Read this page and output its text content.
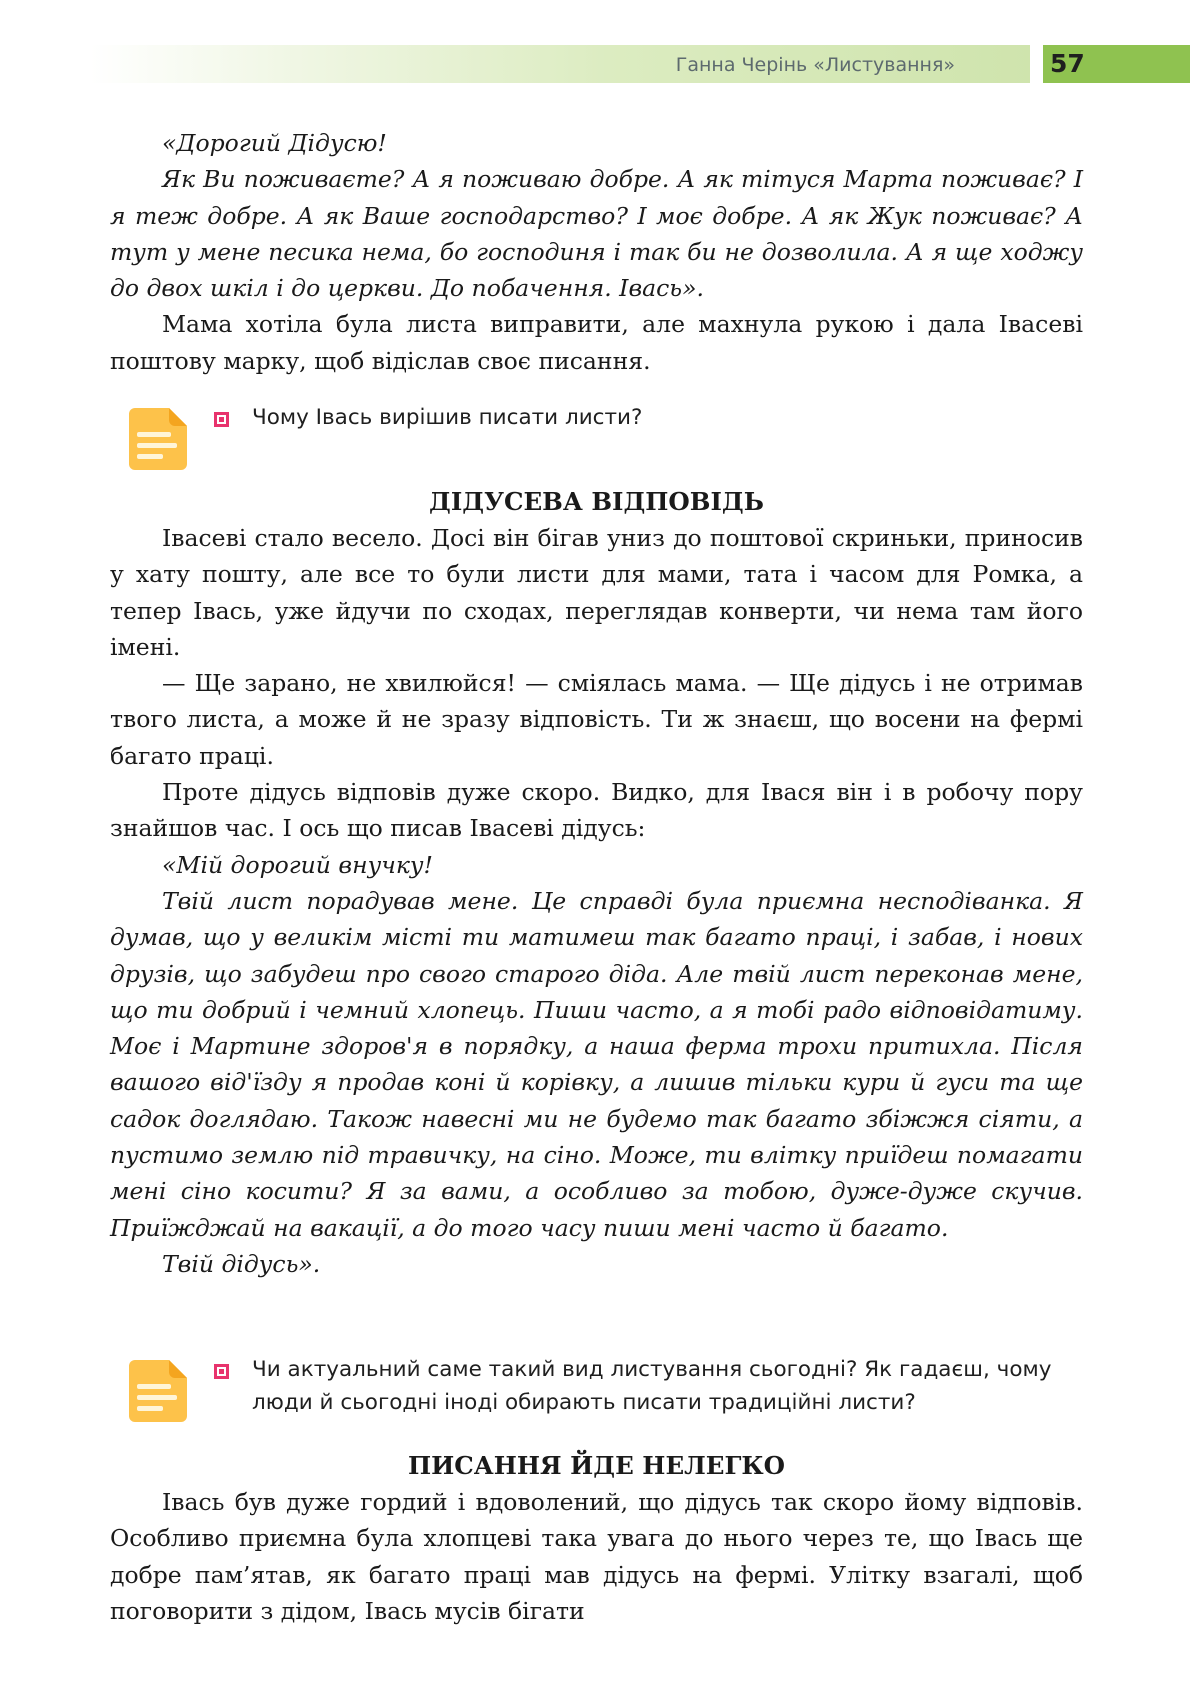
Ганна Черінь «Листування»	57

«Дорогий Дідусю!

Як Ви поживаєте? А я поживаю добре. А як тітуся Марта поживає? І я теж добре. А як Ваше господарство? І моє добре. А як Жук поживає? А тут у мене песика нема, бо господиня і так би не дозволила. А я ще ходжу до двох шкіл і до церкви. До побачення. Івась».

Мама хотіла була листа виправити, але махнула рукою і дала Івасеві поштову марку, щоб відіслав своє писання.

Чому Івась вирішив писати листи?
ДІДУСЕВА ВІДПОВІДЬ

Івасеві стало весело. Досі він бігав униз до поштової скриньки, приносив у хату пошту, але все то були листи для мами, тата і часом для Ромка, а тепер Івась, уже йдучи по сходах, переглядав конверти, чи нема там його імені.

— Ще зарано, не хвилюйся! — сміялась мама. — Ще дідусь і не отримав твого листа, а може й не зразу відповість. Ти ж знаєш, що восени на фермі багато праці.

Проте дідусь відповів дуже скоро. Видко, для Івася він і в робочу пору знайшов час. І ось що писав Івасеві дідусь:

«Мій дорогий внучку!

Твій лист порадував мене. Це справді була приємна несподіванка. Я думав, що у великім місті ти матимеш так багато праці, і забав, і нових друзів, що забудеш про свого старого діда. Але твій лист переконав мене, що ти добрий і чемний хлопець. Пиши часто, а я тобі радо відповідатиму. Моє і Мартине здоров'я в порядку, а наша ферма трохи притихла. Після вашого від'їзду я продав коні й корівку, а лишив тільки кури й гуси та ще садок доглядаю. Також навесні ми не будемо так багато збіжжя сіяти, а пустимо землю під травичку, на сіно. Може, ти влітку приїдеш помагати мені сіно косити? Я за вами, а особливо за тобою, дуже-дуже скучив. Приїжджай на вакації, а до того часу пиши мені часто й багато.

Твій дідусь».

Чи актуальний саме такий вид листування сьогодні? Як гадаєш, чому люди й сьогодні іноді обирають писати традиційні листи?
ПИСАННЯ ЙДЕ НЕЛЕГКО

Івась був дуже гордий і вдоволений, що дідусь так скоро йому відповів. Особливо приємна була хлопцеві така увага до нього через те, що Івась ще добре пам’ятав, як багато праці мав дідусь на фермі. Улітку взагалі, щоб поговорити з дідом, Івась мусів бігати
